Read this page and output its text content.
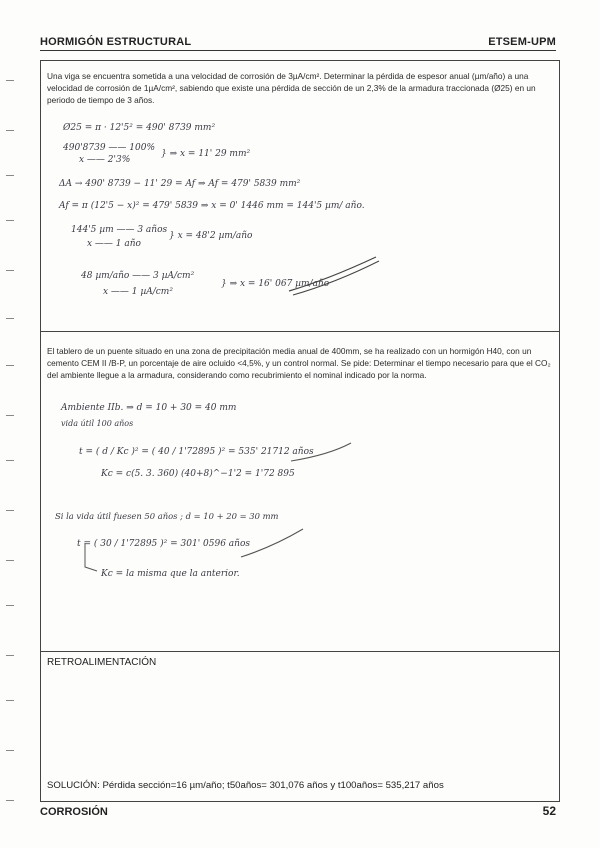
HORMIGÓN ESTRUCTURAL	ETSEM-UPM
Una viga se encuentra sometida a una velocidad de corrosión de 3µA/cm². Determinar la pérdida de espesor anual (µm/año) a una velocidad de corrosión de 1µA/cm², sabiendo que existe una pérdida de sección de un 2,3% de la armadura traccionada (Ø25) en un periodo de tiempo de 3 años.
Ø25 = π · 12'5² = 490' 8739 mm²
490'8739 —— 100%
x —— 2'3%
} ⇒ x = 11' 29 mm²
ΔA → 490' 8739 − 11' 29 = Af ⇒ Af = 479' 5839 mm²
Af = π (12'5 − x)² = 479' 5839 ⇒ x = 0' 1446 mm = 144'5 µm/ año.
144'5 µm —— 3 años
x —— 1 año
} x = 48'2 µm/año
48 µm/año —— 3 µA/cm²
x —— 1 µA/cm²
} ⇒ x = 16' 067 µm/año
El tablero de un puente situado en una zona de precipitación media anual de 400mm, se ha realizado con un hormigón H40, con un cemento CEM II /B-P, un porcentaje de aire ocluido <4,5%, y un control normal. Se pide: Determinar el tiempo necesario para que el CO₂ del ambiente llegue a la armadura, considerando como recubrimiento el nominal indicado por la norma.
Ambiente IIb. ⇒ d = 10 + 30 = 40 mm
vida útil 100 años
t = ( d / Kc )² = ( 40 / 1'72895 )² = 535' 21712 años
Kc = c(5. 3. 360) (40+8)^−1'2 = 1'72 895
Si la vida útil fuesen 50 años ; d = 10 + 20 = 30 mm
t = ( 30 / 1'72895 )² = 301' 0596 años
Kc = la misma que la anterior.
RETROALIMENTACIÓN
SOLUCIÓN: Pérdida sección=16 µm/año; t50años= 301,076 años y t100años= 535,217 años
CORROSIÓN	52
